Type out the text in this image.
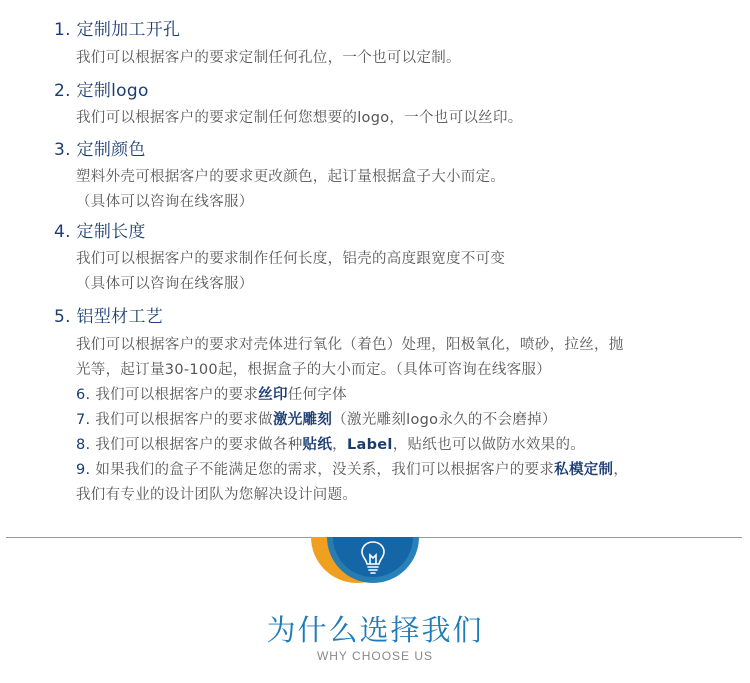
1. 定制加工开孔
我们可以根据客户的要求定制任何孔位，一个也可以定制。
2. 定制logo
我们可以根据客户的要求定制任何您想要的logo，一个也可以丝印。
3. 定制颜色
塑料外壳可根据客户的要求更改颜色，起订量根据盒子大小而定。
（具体可以咨询在线客服）
4. 定制长度
我们可以根据客户的要求制作任何长度，铝壳的高度跟宽度不可变
（具体可以咨询在线客服）
5. 铝型材工艺
我们可以根据客户的要求对壳体进行氧化（着色）处理，阳极氧化，喷砂，拉丝，抛
光等，起订量30-100起，根据盒子的大小而定。（具体可咨询在线客服）
6. 我们可以根据客户的要求丝印任何字体
7. 我们可以根据客户的要求做激光雕刻（激光雕刻logo永久的不会磨掉）
8. 我们可以根据客户的要求做各种贴纸，Label，贴纸也可以做防水效果的。
9. 如果我们的盒子不能满足您的需求，没关系，我们可以根据客户的要求私模定制，
我们有专业的设计团队为您解决设计问题。
为什么选择我们
WHY CHOOSE US
